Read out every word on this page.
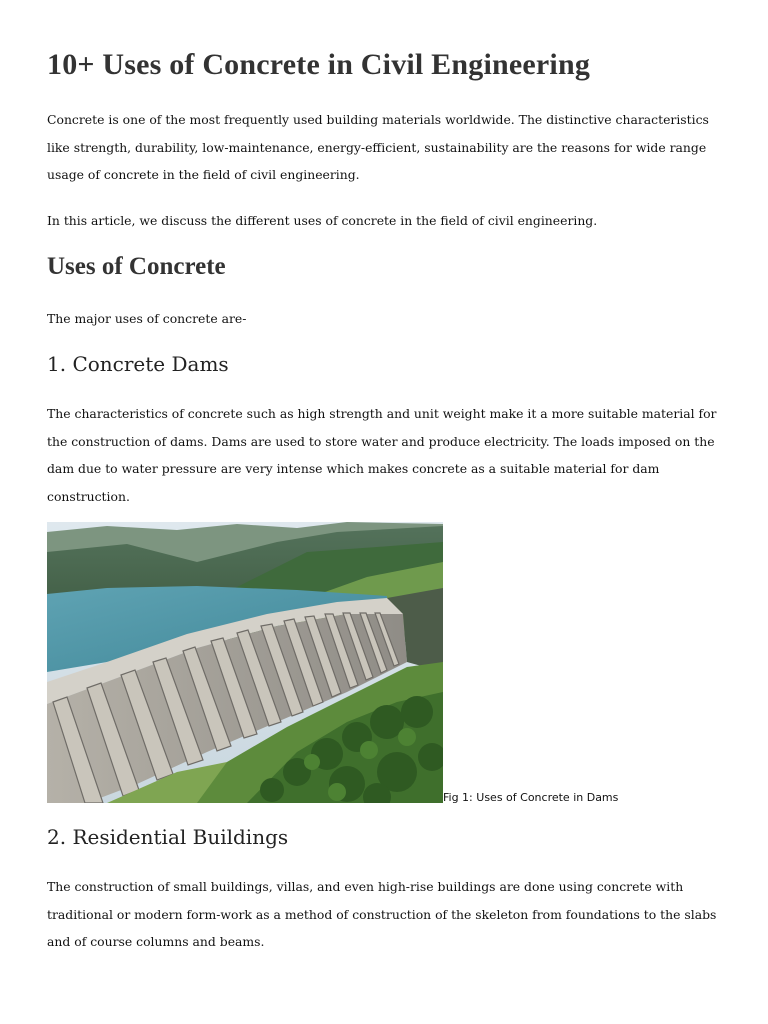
10+ Uses of Concrete in Civil Engineering

Concrete is one of the most frequently used building materials worldwide. The distinctive characteristics like strength, durability, low-maintenance, energy-efficient, sustainability are the reasons for wide range usage of concrete in the field of civil engineering.

In this article, we discuss the different uses of concrete in the field of civil engineering.

Uses of Concrete

The major uses of concrete are-

1. Concrete Dams

The characteristics of concrete such as high strength and unit weight make it a more suitable material for the construction of dams. Dams are used to store water and produce electricity. The loads imposed on the dam due to water pressure are very intense which makes concrete as a suitable material for dam construction.

Fig 1: Uses of Concrete in Dams
2. Residential Buildings

The construction of small buildings, villas, and even high-rise buildings are done using concrete with traditional or modern form-work as a method of construction of the skeleton from foundations to the slabs and of course columns and beams.
